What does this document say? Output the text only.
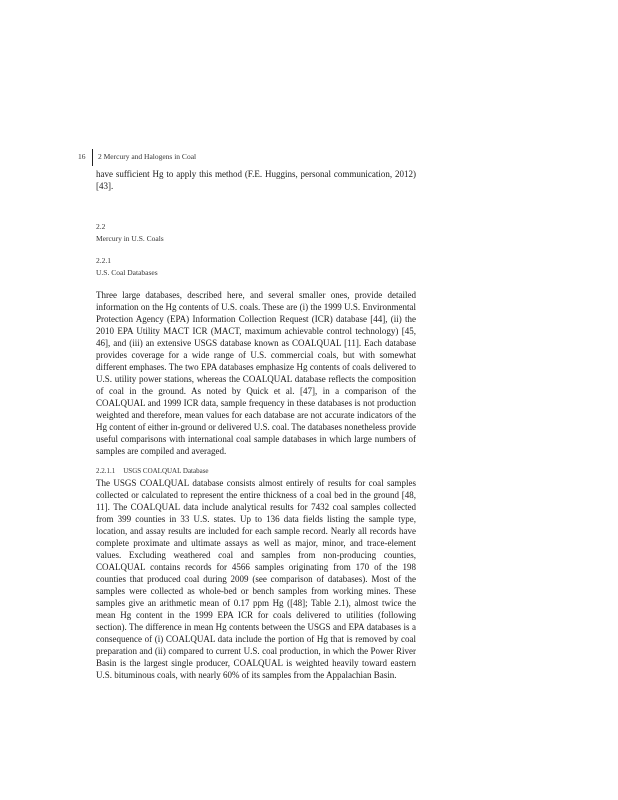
16	2 Mercury and Halogens in Coal

have sufficient Hg to apply this method (F.E. Huggins, personal communication, 2012) [43].

2.2

Mercury in U.S. Coals

2.2.1

U.S. Coal Databases

Three large databases, described here, and several smaller ones, provide detailed information on the Hg contents of U.S. coals. These are (i) the 1999 U.S. Environmental Protection Agency (EPA) Information Collection Request (ICR) database [44], (ii) the 2010 EPA Utility MACT ICR (MACT, maximum achievable control technology) [45, 46], and (iii) an extensive USGS database known as COALQUAL [11]. Each database provides coverage for a wide range of U.S. commercial coals, but with somewhat different emphases. The two EPA databases emphasize Hg contents of coals delivered to U.S. utility power stations, whereas the COALQUAL database reflects the composition of coal in the ground. As noted by Quick et al. [47], in a comparison of the COALQUAL and 1999 ICR data, sample frequency in these databases is not production weighted and therefore, mean values for each database are not accurate indicators of the Hg content of either in-ground or delivered U.S. coal. The databases nonetheless provide useful comparisons with international coal sample databases in which large numbers of samples are compiled and averaged.

2.2.1.1 USGS COALQUAL Database

The USGS COALQUAL database consists almost entirely of results for coal samples collected or calculated to represent the entire thickness of a coal bed in the ground [48, 11]. The COALQUAL data include analytical results for 7432 coal samples collected from 399 counties in 33 U.S. states. Up to 136 data fields listing the sample type, location, and assay results are included for each sample record. Nearly all records have complete proximate and ultimate assays as well as major, minor, and trace-element values. Excluding weathered coal and samples from non-producing counties, COALQUAL contains records for 4566 samples originating from 170 of the 198 counties that produced coal during 2009 (see comparison of databases). Most of the samples were collected as whole-bed or bench samples from working mines. These samples give an arithmetic mean of 0.17 ppm Hg ([48]; Table 2.1), almost twice the mean Hg content in the 1999 EPA ICR for coals delivered to utilities (following section). The difference in mean Hg contents between the USGS and EPA databases is a consequence of (i) COALQUAL data include the portion of Hg that is removed by coal preparation and (ii) compared to current U.S. coal production, in which the Power River Basin is the largest single producer, COALQUAL is weighted heavily toward eastern U.S. bituminous coals, with nearly 60% of its samples from the Appalachian Basin.
